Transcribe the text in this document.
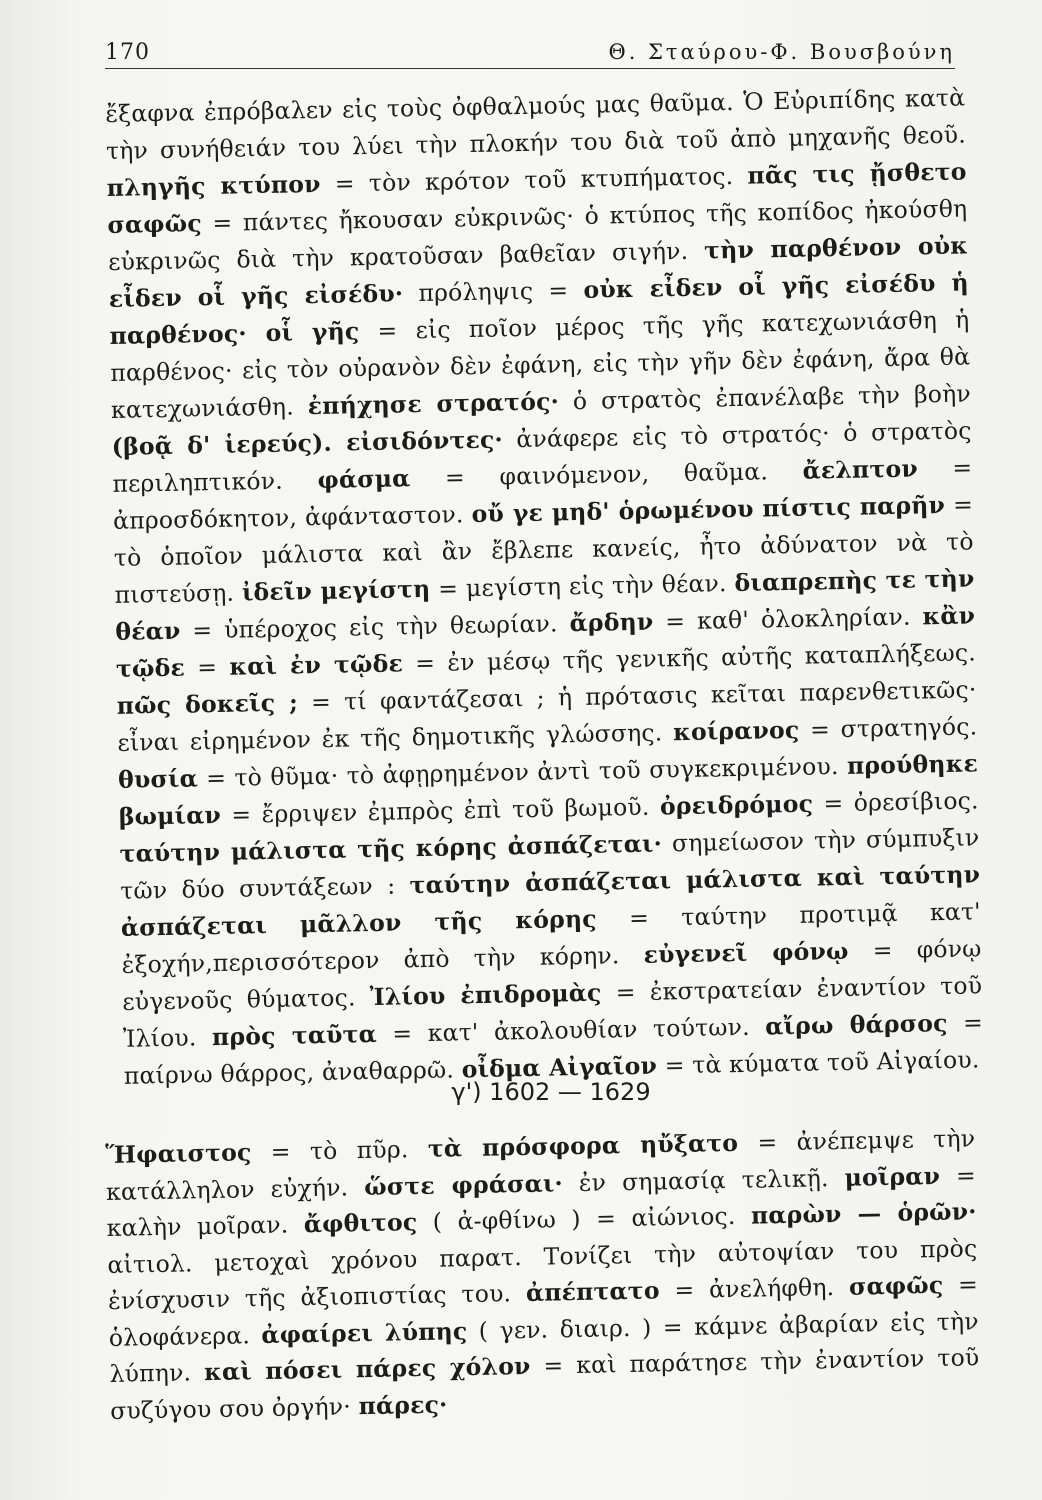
170	Θ. Σταύρου-Φ. Βουσβούνη

ἔξαφνα ἐπρόβαλεν εἰς τοὺς ὀφθαλμούς μας θαῦμα. Ὁ Εὐριπίδης κατὰ τὴν συνήθειάν του λύει τὴν πλοκήν του διὰ τοῦ ἀπὸ μηχανῆς θεοῦ. πληγῆς κτύπον = τὸν κρότον τοῦ κτυπήματος. πᾶς τις ᾔσθετο σαφῶς = πάντες ἤκουσαν εὐκρινῶς· ὁ κτύπος τῆς κοπίδος ἠκούσθη εὐκρινῶς διὰ τὴν κρατοῦσαν βαθεῖαν σιγήν. τὴν παρθένον οὐκ εἶδεν οἷ γῆς εἰσέδυ· πρόληψις = οὐκ εἶδεν οἷ γῆς εἰσέδυ ἡ παρθένος· οἷ γῆς = εἰς ποῖον μέρος τῆς γῆς κατεχωνιάσθη ἡ παρθένος· εἰς τὸν οὐρανὸν δὲν ἐφάνη, εἰς τὴν γῆν δὲν ἐφάνη, ἄρα θὰ κατεχωνιάσθη. ἐπήχησε στρατός· ὁ στρατὸς ἐπανέλαβε τὴν βοὴν (βοᾷ δ' ἱερεύς). εἰσιδόντες· ἀνάφερε εἰς τὸ στρατός· ὁ στρατὸς περιληπτικόν. φάσμα = φαινόμενον, θαῦμα. ἄελπτον = ἀπροσδόκητον, ἀφάνταστον. οὔ γε μηδ' ὁρωμένου πίστις παρῆν = τὸ ὁποῖον μάλιστα καὶ ἂν ἔβλεπε κανείς, ἦτο ἀδύνατον νὰ τὸ πιστεύσῃ. ἰδεῖν μεγίστη = μεγίστη εἰς τὴν θέαν. διαπρεπὴς τε τὴν θέαν = ὑπέροχος εἰς τὴν θεωρίαν. ἄρδην = καθ' ὁλοκληρίαν. κἂν τῷδε = καὶ ἐν τῷδε = ἐν μέσῳ τῆς γενικῆς αὐτῆς καταπλήξεως. πῶς δοκεῖς ; = τί φαντάζεσαι ; ἡ πρότασις κεῖται παρενθετικῶς· εἶναι εἰρημένον ἐκ τῆς δημοτικῆς γλώσσης. κοίρανος = στρατηγός. θυσία = τὸ θῦμα· τὸ ἀφῃρημένον ἀντὶ τοῦ συγκεκριμένου. προύθηκε βωμίαν = ἔρριψεν ἐμπρὸς ἐπὶ τοῦ βωμοῦ. ὀρειδρόμος = ὀρεσίβιος. ταύτην μάλιστα τῆς κόρης ἀσπάζεται· σημείωσον τὴν σύμπυξιν τῶν δύο συντάξεων : ταύτην ἀσπάζεται μάλιστα καὶ ταύτην ἀσπάζεται μᾶλλον τῆς κόρης = ταύτην προτιμᾷ κατ' ἐξοχήν,περισσότερον ἀπὸ τὴν κόρην. εὐγενεῖ φόνῳ = φόνῳ εὐγενοῦς θύματος. Ἰλίου ἐπιδρομὰς = ἐκστρατείαν ἐναντίον τοῦ Ἰλίου. πρὸς ταῦτα = κατ' ἀκολουθίαν τούτων. αἴρω θάρσος = παίρνω θάρρος, ἀναθαρρῶ. οἶδμα Αἰγαῖον = τὰ κύματα τοῦ Αἰγαίου.

γ') 1602 — 1629

Ἥφαιστος = τὸ πῦρ. τὰ πρόσφορα ηὔξατο = ἀνέπεμψε τὴν κατάλληλον εὐχήν. ὥστε φράσαι· ἐν σημασίᾳ τελικῇ. μοῖραν = καλὴν μοῖραν. ἄφθιτος ( ἀ-φθίνω ) = αἰώνιος. παρὼν — ὁρῶν· αἰτιολ. μετοχαὶ χρόνου παρατ. Τονίζει τὴν αὐτοψίαν του πρὸς ἐνίσχυσιν τῆς ἀξιοπιστίας του. ἀπέπτατο = ἀνελήφθη. σαφῶς = ὁλοφάνερα. ἀφαίρει λύπης ( γεν. διαιρ. ) = κάμνε ἀβαρίαν εἰς τὴν λύπην. καὶ πόσει πάρες χόλον = καὶ παράτησε τὴν ἐναντίον τοῦ συζύγου σου ὀργήν· πάρες·
